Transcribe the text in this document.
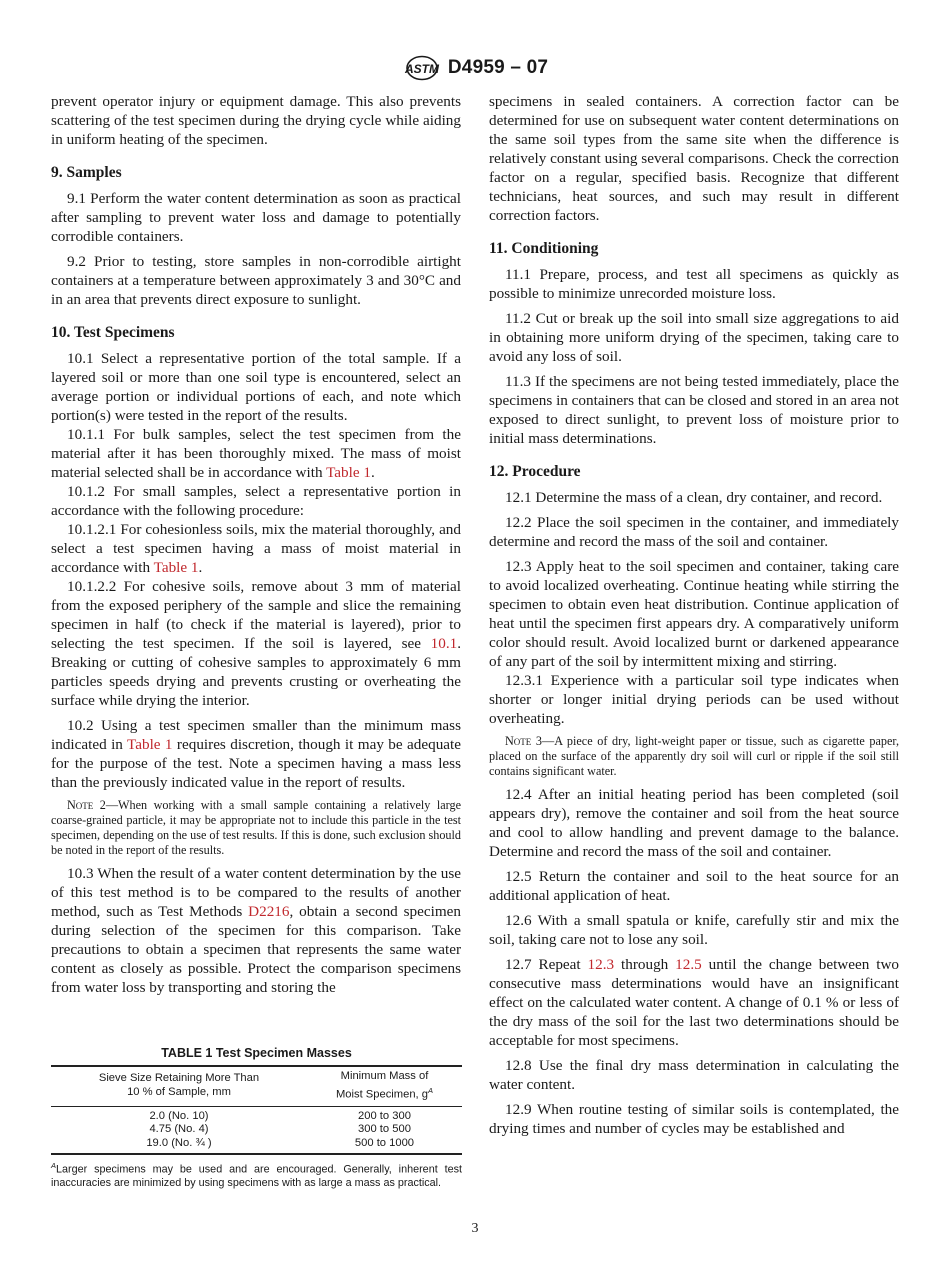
ASTM D4959 – 07

prevent operator injury or equipment damage. This also prevents scattering of the test specimen during the drying cycle while aiding in uniform heating of the specimen.

9. Samples

9.1 Perform the water content determination as soon as practical after sampling to prevent water loss and damage to potentially corrodible containers.

9.2 Prior to testing, store samples in non-corrodible airtight containers at a temperature between approximately 3 and 30°C and in an area that prevents direct exposure to sunlight.

10. Test Specimens

10.1 Select a representative portion of the total sample. If a layered soil or more than one soil type is encountered, select an average portion or individual portions of each, and note which portion(s) were tested in the report of the results.

10.1.1 For bulk samples, select the test specimen from the material after it has been thoroughly mixed. The mass of moist material selected shall be in accordance with Table 1.

10.1.2 For small samples, select a representative portion in accordance with the following procedure:

10.1.2.1 For cohesionless soils, mix the material thoroughly, and select a test specimen having a mass of moist material in accordance with Table 1.

10.1.2.2 For cohesive soils, remove about 3 mm of material from the exposed periphery of the sample and slice the remaining specimen in half (to check if the material is layered), prior to selecting the test specimen. If the soil is layered, see 10.1. Breaking or cutting of cohesive samples to approximately 6 mm particles speeds drying and prevents crusting or overheating the surface while drying the interior.

10.2 Using a test specimen smaller than the minimum mass indicated in Table 1 requires discretion, though it may be adequate for the purpose of the test. Note a specimen having a mass less than the previously indicated value in the report of results.

Note 2—When working with a small sample containing a relatively large coarse-grained particle, it may be appropriate not to include this particle in the test specimen, depending on the use of test results. If this is done, such exclusion should be noted in the report of the results.

10.3 When the result of a water content determination by the use of this test method is to be compared to the results of another method, such as Test Methods D2216, obtain a second specimen during selection of the specimen for this comparison. Take precautions to obtain a specimen that represents the same water content as closely as possible. Protect the comparison specimens from water loss by transporting and storing the

TABLE 1 Test Specimen Masses
Sieve Size Retaining More Than
10 % of Sample, mm	Minimum Mass of
Moist Specimen, $g^A$
2.0 (No. 10)	200 to 300
4.75 (No. 4)	300 to 500
19.0 (No. ¾ )	500 to 1000
$^A$Larger specimens may be used and are encouraged. Generally, inherent test inaccuracies are minimized by using specimens with as large a mass as practical.

specimens in sealed containers. A correction factor can be determined for use on subsequent water content determinations on the same soil types from the same site when the difference is relatively constant using several comparisons. Check the correction factor on a regular, specified basis. Recognize that different technicians, heat sources, and such may result in different correction factors.

11. Conditioning

11.1 Prepare, process, and test all specimens as quickly as possible to minimize unrecorded moisture loss.

11.2 Cut or break up the soil into small size aggregations to aid in obtaining more uniform drying of the specimen, taking care to avoid any loss of soil.

11.3 If the specimens are not being tested immediately, place the specimens in containers that can be closed and stored in an area not exposed to direct sunlight, to prevent loss of moisture prior to initial mass determinations.

12. Procedure

12.1 Determine the mass of a clean, dry container, and record.

12.2 Place the soil specimen in the container, and immediately determine and record the mass of the soil and container.

12.3 Apply heat to the soil specimen and container, taking care to avoid localized overheating. Continue heating while stirring the specimen to obtain even heat distribution. Continue application of heat until the specimen first appears dry. A comparatively uniform color should result. Avoid localized burnt or darkened appearance of any part of the soil by intermittent mixing and stirring.

12.3.1 Experience with a particular soil type indicates when shorter or longer initial drying periods can be used without overheating.

Note 3—A piece of dry, light-weight paper or tissue, such as cigarette paper, placed on the surface of the apparently dry soil will curl or ripple if the soil still contains significant water.

12.4 After an initial heating period has been completed (soil appears dry), remove the container and soil from the heat source and cool to allow handling and prevent damage to the balance. Determine and record the mass of the soil and container.

12.5 Return the container and soil to the heat source for an additional application of heat.

12.6 With a small spatula or knife, carefully stir and mix the soil, taking care not to lose any soil.

12.7 Repeat 12.3 through 12.5 until the change between two consecutive mass determinations would have an insignificant effect on the calculated water content. A change of 0.1 % or less of the dry mass of the soil for the last two determinations should be acceptable for most specimens.

12.8 Use the final dry mass determination in calculating the water content.

12.9 When routine testing of similar soils is contemplated, the drying times and number of cycles may be established and

3
